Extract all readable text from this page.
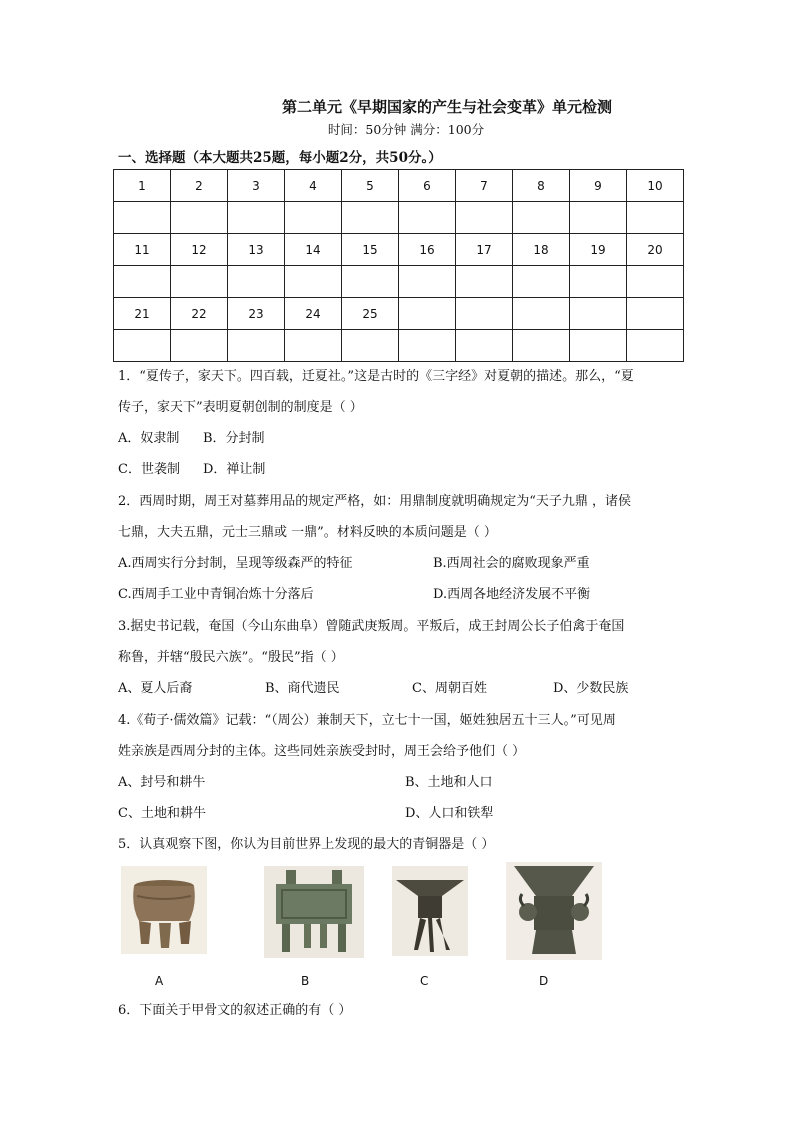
第二单元《早期国家的产生与社会变革》单元检测
时间：50分钟 满分：100分
一、选择题（本大题共25题，每小题2分，共50分。）
1	2	3	4	5	6	7	8	9	10

11	12	13	14	15	16	17	18	19	20

21	22	23	24	25					

1．“夏传子，家天下。四百载，迁夏社。”这是古时的《三字经》对夏朝的描述。那么，“夏
传子，家天下”表明夏朝创制的制度是（ ）
A．奴隶制 B．分封制
C．世袭制 D．禅让制
2．西周时期，周王对墓葬用品的规定严格，如：用鼎制度就明确规定为“天子九鼎 ，诸侯
七鼎，大夫五鼎，元士三鼎或 一鼎”。材料反映的本质问题是（ ）
A.西周实行分封制，呈现等级森严的特征	B.西周社会的腐败现象严重
C.西周手工业中青铜冶炼十分落后	D.西周各地经济发展不平衡
3.据史书记载，奄国（今山东曲阜）曾随武庚叛周。平叛后，成王封周公长子伯禽于奄国
称鲁，并辖“殷民六族”。“殷民”指（ ）
A、夏人后裔	B、商代遗民	C、周朝百姓	D、少数民族
4.《荀子·儒效篇》记载：“（周公）兼制天下，立七十一国，姬姓独居五十三人。”可见周
姓亲族是西周分封的主体。这些同姓亲族受封时，周王会给予他们（ ）
A、封号和耕牛	B、土地和人口
C、土地和耕牛	D、人口和铁犁
5．认真观察下图，你认为目前世界上发现的最大的青铜器是（ ）
A	B	C	D
6．下面关于甲骨文的叙述正确的有（ ）
